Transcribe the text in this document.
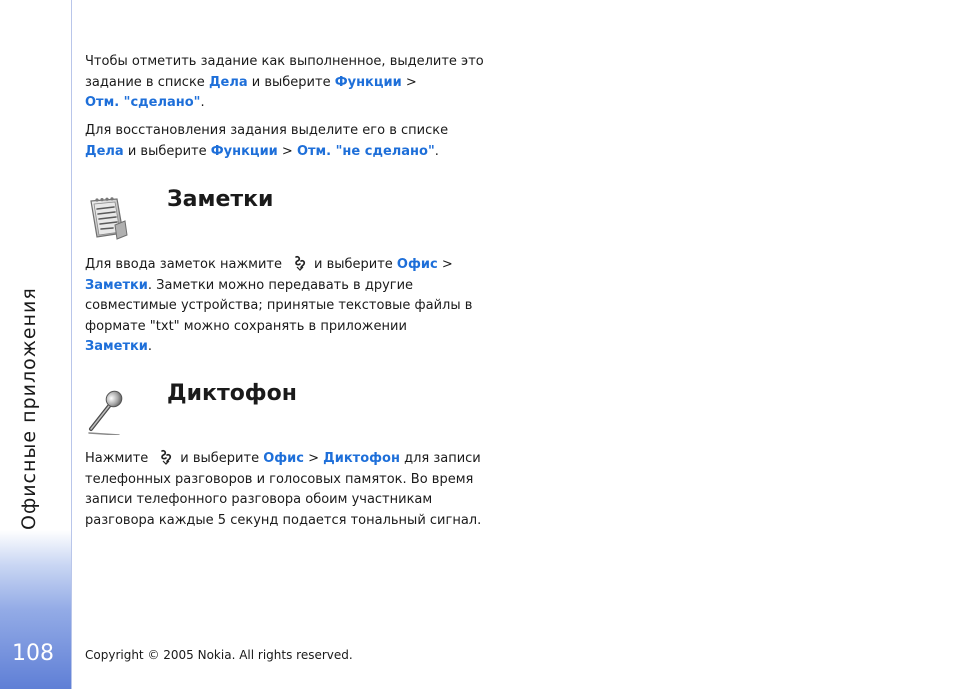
Офисные приложения
108

Чтобы отметить задание как выполненное, выделите это задание в списке Дела и выберите Функции >
Отм. "сделано".

Для восстановления задания выделите его в списке
Дела и выберите Функции > Отм. "не сделано".

Заметки

Для ввода заметок нажмите и выберите Офис >
Заметки. Заметки можно передавать в другие совместимые устройства; принятые текстовые файлы в формате "txt" можно сохранять в приложении
Заметки.

Диктофон

Нажмите и выберите Офис > Диктофон для записи телефонных разговоров и голосовых памяток. Во время записи телефонного разговора обоим участникам разговора каждые 5 секунд подается тональный сигнал.

Copyright © 2005 Nokia. All rights reserved.
